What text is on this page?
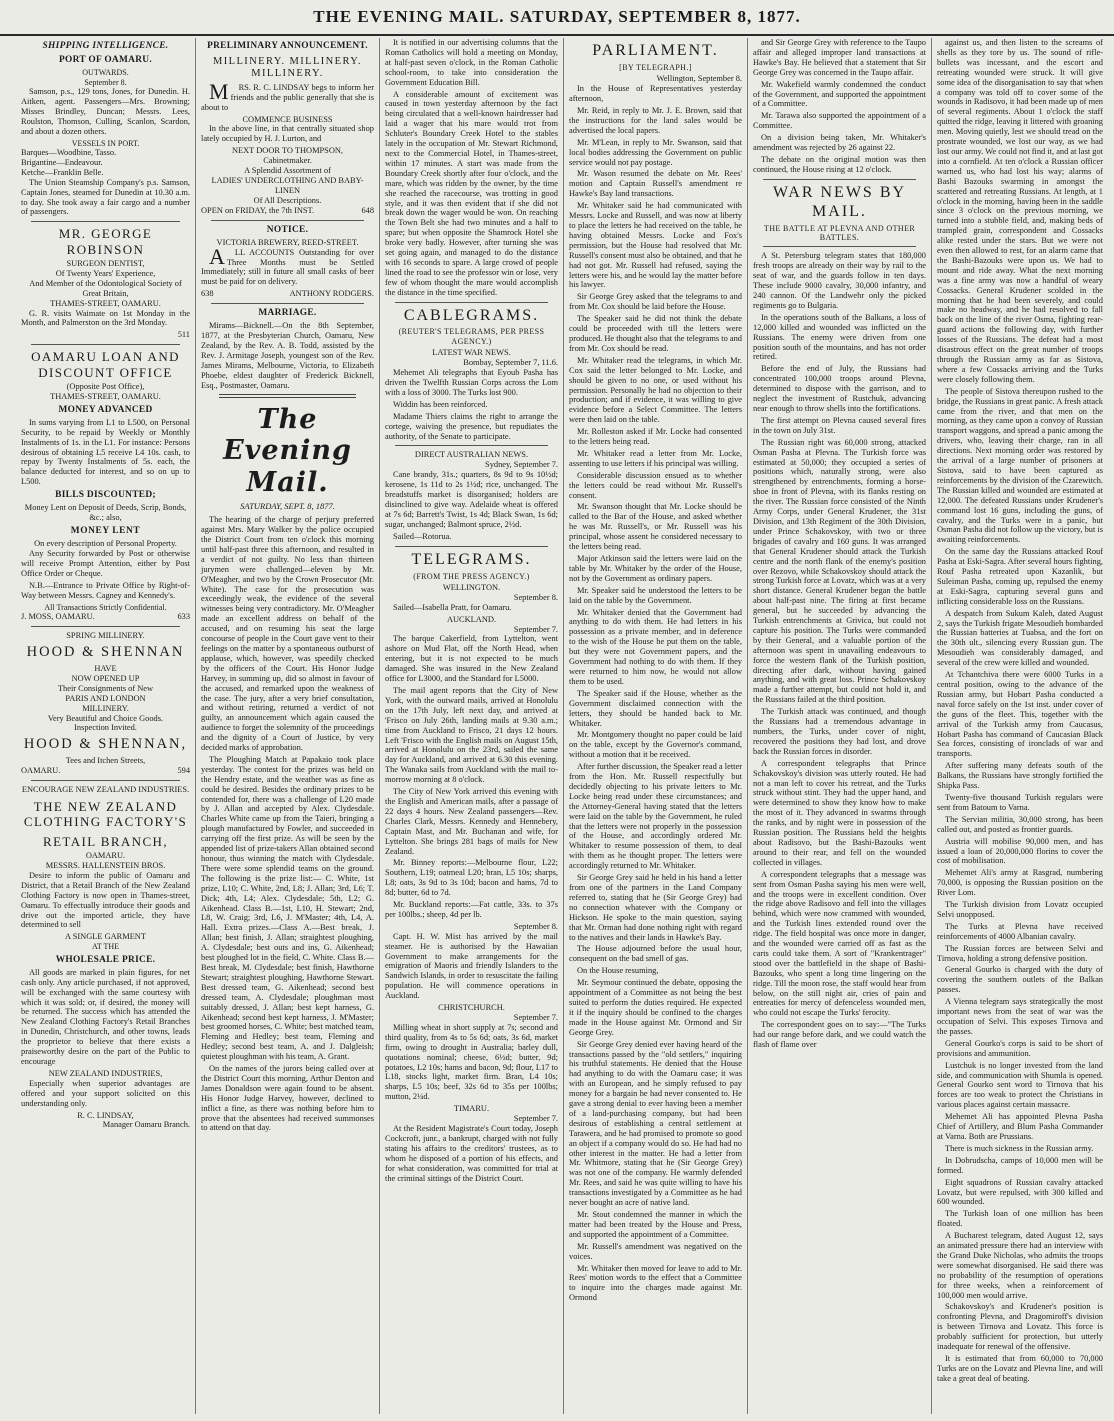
THE EVENING MAIL. SATURDAY, SEPTEMBER 8, 1877.
SHIPPING INTELLIGENCE.
PORT OF OAMARU.
OUTWARDS.
September 8.

Samson, p.s., 129 tons, Jones, for Dunedin. H. Aitken, agent. Passengers—Mrs. Browning; Misses Brindley, Duncan; Messrs. Lees, Roulston, Thomson, Culling, Scanlon, Scardon, and about a dozen others.

VESSELS IN PORT.
Barques—Woodbine, Tasso.
Brigantine—Endeavour.
Ketche—Franklin Belle.

The Union Steamship Company's p.s. Samson, Captain Jones, steamed for Dunedin at 10.30 a.m. to day. She took away a fair cargo and a number of passengers.

MR. GEORGE ROBINSON
SURGEON DENTIST,
Of Twenty Years' Experience,
And Member of the Odontological Society of Great Britain,
THAMES-STREET, OAMARU.

G. R. visits Waimate on 1st Monday in the Month, and Palmerston on the 3rd Monday.

511
OAMARU LOAN AND DISCOUNT OFFICE
(Opposite Post Office),
THAMES-STREET, OAMARU.
MONEY ADVANCED

In sums varying from L1 to L500, on Personal Security, to be repaid by Weekly or Monthly Instalments of 1s. in the L1. For instance: Persons desirous of obtaining L5 receive L4 10s. cash, to repay by Twenty Instalments of 5s. each, the balance deducted for interest, and so on up to L500.

BILLS DISCOUNTED;
Money Lent on Deposit of Deeds, Scrip, Bonds, &c.; also,
MONEY LENT
On every description of Personal Property.

Any Security forwarded by Post or otherwise will receive Prompt Attention, either by Post Office Order or Cheque.

N.B.—Entrance to Private Office by Right-of-Way between Messrs. Cagney and Kennedy's.

All Transactions Strictly Confidential.
J. MOSS, OAMARU.	633
SPRING MILLINERY.
HOOD & SHENNAN
HAVE
NOW OPENED UP
Their Consignments of New
PARIS AND LONDON
MILLINERY.
Very Beautiful and Choice Goods.
Inspection Invited.
HOOD & SHENNAN,
Tees and Itchen Streets,
OAMARU.	594
ENCOURAGE NEW ZEALAND INDUSTRIES.
THE NEW ZEALAND CLOTHING FACTORY'S
RETAIL BRANCH,
OAMARU.
MESSRS. HALLENSTEIN BROS.

Desire to inform the public of Oamaru and District, that a Retail Branch of the New Zealand Clothing Factory is now open in Thames-street, Oamaru. To effectually introduce their goods and drive out the imported article, they have determined to sell

A SINGLE GARMENT
AT THE
WHOLESALE PRICE.

All goods are marked in plain figures, for net cash only. Any article purchased, if not approved, will be exchanged with the same courtesy with which it was sold; or, if desired, the money will be returned. The success which has attended the New Zealand Clothing Factory's Retail Branches in Dunedin, Christchurch, and other towns, leads the proprietor to believe that there exists a praiseworthy desire on the part of the Public to encourage

NEW ZEALAND INDUSTRIES,

Especially when superior advantages are offered and your support solicited on this understanding only.

R. C. LINDSAY,
Manager Oamaru Branch.
PRELIMINARY ANNOUNCEMENT.
MILLINERY. MILLINERY. MILLINERY.

MRS. R. C. LINDSAY begs to inform her friends and the public generally that she is about to

COMMENCE BUSINESS

In the above line, in that centrally situated shop lately occupied by H. J. Lurton, and

NEXT DOOR TO THOMPSON,
Cabinetmaker.
A Splendid Assortment of
LADIES' UNDERCLOTHING AND BABY-LINEN
Of All Descriptions.
OPEN on FRIDAY, the 7th INST.	648
NOTICE.
VICTORIA BREWERY, REED-STREET.

ALL ACCOUNTS Outstanding for over Three Months must be Settled Immediately; still in future all small casks of beer must be paid for on delivery.

638	ANTHONY RODGERS.
MARRIAGE.

Mirams—Bicknell.—On the 8th September, 1877, at the Presbyterian Church, Oamaru, New Zealand, by the Rev. A. B. Todd, assisted by the Rev. J. Armitage Joseph, youngest son of the Rev. James Mirams, Melbourne, Victoria, to Elizabeth Phoebe, eldest daughter of Frederick Bicknell, Esq., Postmaster, Oamaru.

The Evening Mail.
SATURDAY, SEPT. 8, 1877.

The hearing of the charge of perjury preferred against Mrs. Mary Walker by the police occupied the District Court from ten o'clock this morning until half-past three this afternoon, and resulted in a verdict of not guilty. No less than thirteen jurymen were challenged—eleven by Mr. O'Meagher, and two by the Crown Prosecutor (Mr. White). The case for the prosecution was exceedingly weak, the evidence of the several witnesses being very contradictory. Mr. O'Meagher made an excellent address on behalf of the accused, and on resuming his seat the large concourse of people in the Court gave vent to their feelings on the matter by a spontaneous outburst of applause, which, however, was speedily checked by the officers of the Court. His Honor Judge Harvey, in summing up, did so almost in favour of the accused, and remarked upon the weakness of the case. The jury, after a very brief consultation, and without retiring, returned a verdict of not guilty, an announcement which again caused the audience to forget the solemnity of the proceedings and the dignity of a Court of Justice, by very decided marks of approbation.

The Ploughing Match at Papakaio took place yesterday. The contest for the prizes was held on the Hendry estate, and the weather was as fine as could be desired. Besides the ordinary prizes to be contended for, there was a challenge of L20 made by J. Allan and accepted by Alex. Clydesdale. Charles White came up from the Taieri, bringing a plough manufactured by Fowler, and succeeded in carrying off the first prize. As will be seen by the appended list of prize-takers Allan obtained second honour, thus winning the match with Clydesdale. There were some splendid teams on the ground. The following is the prize list:— C. White, 1st prize, L10; C. White, 2nd, L8; J. Allan; 3rd, L6; T. Dick; 4th, L4; Alex. Clydesdale; 5th, L2; G. Aikenhead. Class B.—1st, L10, H. Stewart; 2nd, L8, W. Craig; 3rd, L6, J. M'Master; 4th, L4, A. Hall. Extra prizes.—Class A.—Best break, J. Allan; best finish, J. Allan; straightest ploughing, A. Clydesdale; best outs and ins, G. Aikenhead; best ploughed lot in the field, C. White. Class B.—Best break, M. Clydesdale; best finish, Hawthorne Stewart; straightest ploughing, Hawthorne Stewart. Best dressed team, G. Aikenhead; second best dressed team, A. Clydesdale; ploughman most suitably dressed, J. Allan; best kept harness, G. Aikenhead; second best kept harness, J. M'Master; best groomed horses, C. White; best matched team, Fleming and Hedley; best team, Fleming and Hedley; second best team, A. and J. Dalgleish; quietest ploughman with his team, A. Grant.

On the names of the jurors being called over at the District Court this morning, Arthur Denton and James Donaldson were again found to be absent. His Honor Judge Harvey, however, declined to inflict a fine, as there was nothing before him to prove that the absentees had received summonses to attend on that day.

It is notified in our advertising columns that the Roman Catholics will hold a meeting on Monday, at half-past seven o'clock, in the Roman Catholic school-room, to take into consideration the Government Education Bill.

A considerable amount of excitement was caused in town yesterday afternoon by the fact being circulated that a well-known hairdresser had laid a wager that his mare would trot from Schluter's Boundary Creek Hotel to the stables lately in the occupation of Mr. Stewart Richmond, next to the Commercial Hotel, in Thames-street, within 17 minutes. A start was made from the Boundary Creek shortly after four o'clock, and the mare, which was ridden by the owner, by the time she reached the racecourse, was trotting in good style, and it was then evident that if she did not break down the wager would be won. On reaching the Town Belt she had two minutes and a half to spare; but when opposite the Shamrock Hotel she broke very badly. However, after turning she was set going again, and managed to do the distance with 16 seconds to spare. A large crowd of people lined the road to see the professor win or lose, very few of whom thought the mare would accomplish the distance in the time specified.

CABLEGRAMS.
(REUTER'S TELEGRAMS, PER PRESS AGENCY.)
LATEST WAR NEWS.
Bombay, September 7, 11.6.

Mehemet Ali telegraphs that Eyoub Pasha has driven the Twelfth Russian Corps across the Lom with a loss of 3000. The Turks lost 900.

Widdin has been reinforced.

Madame Thiers claims the right to arrange the cortege, waiving the presence, but repudiates the authority, of the Senate to participate.

DIRECT AUSTRALIAN NEWS.
Sydney, September 7.

Cane brandy, 31s.; quarters, 8s 9d to 9s 10½d; kerosene, 1s 11d to 2s 1½d; rice, unchanged. The breadstuffs market is disorganised; holders are disinclined to give way. Adelaide wheat is offered at 7s 6d; Barrett's Twist, 1s 4d; Black Swan, 1s 6d; sugar, unchanged; Balmont spruce, 2½d.

Sailed—Rotorua.

TELEGRAMS.
(FROM THE PRESS AGENCY.)
WELLINGTON.
September 8.

Sailed—Isabella Pratt, for Oamaru.

AUCKLAND.
September 7.

The barque Cakerfield, from Lyttelton, went ashore on Mud Flat, off the North Head, when entering, but it is not expected to be much damaged. She was insured in the New Zealand office for L3000, and the Standard for L5000.

The mail agent reports that the City of New York, with the outward mails, arrived at Honolulu on the 17th July, left next day, and arrived at 'Frisco on July 26th, landing mails at 9.30 a.m.; time from Auckland to Frisco, 21 days 12 hours. Left 'Frisco with the English mails on August 15th, arrived at Honolulu on the 23rd, sailed the same day for Auckland, and arrived at 6.30 this evening. The Wanaka sails from Auckland with the mail to-morrow morning at 8 o'clock.

The City of New York arrived this evening with the English and American mails, after a passage of 22 days 4 hours. New Zealand passengers—Rev. Charles Clark, Messrs. Kennedy and Hennebery, Captain Mast, and Mr. Buchanan and wife, for Lyttelton. She brings 281 bags of mails for New Zealand.

Mr. Binney reports:—Melbourne flour, L22; Southern, L19; oatmeal L20; bran, L5 10s; sharps, L8; oats, 3s 9d to 3s 10d; bacon and hams, 7d to 8d; butter, 6d to 7d.

Mr. Buckland reports:—Fat cattle, 33s. to 37s per 100lbs.; sheep, 4d per lb.

September 8.

Capt. H. W. Mist has arrived by the mail steamer. He is authorised by the Hawaiian Government to make arrangements for the emigration of Maoris and friendly Islanders to the Sandwich Islands, in order to resuscitate the failing population. He will commence operations in Auckland.

CHRISTCHURCH.
September 7.

Milling wheat in short supply at 7s; second and third quality, from 4s to 5s 6d; oats, 3s 6d, market firm, owing to drought in Australia; barley dull, quotations nominal; cheese, 6½d; butter, 9d; potatoes, L2 10s; hams and bacon, 9d; flour, L17 to L18, stocks light, market firm. Bran, L4 10s; sharps, L5 10s; beef, 32s 6d to 35s per 100lbs; mutton, 2¼d.

TIMARU.
September 7.

At the Resident Magistrate's Court today, Joseph Cockcroft, junr., a bankrupt, charged with not fully stating his affairs to the creditors' trustees, as to whom he disposed of a portion of his effects, and for what consideration, was committed for trial at the criminal sittings of the District Court.

PARLIAMENT.
[BY TELEGRAPH.]
Wellington, September 8.

In the House of Representatives yesterday afternoon,

Mr. Reid, in reply to Mr. J. E. Brown, said that the instructions for the land sales would be advertised the local papers.

Mr. M'Lean, in reply to Mr. Swanson, said that local bodies addressing the Government on public service would not pay postage.

Mr. Wason resumed the debate on Mr. Rees' motion and Captain Russell's amendment re Hawke's Bay land transactions.

Mr. Whitaker said he had communicated with Messrs. Locke and Russell, and was now at liberty to place the letters he had received on the table, he having obtained Messrs. Locke and Fox's permission, but the House had resolved that Mr. Russell's consent must also be obtained, and that he had not got. Mr. Russell had refused, saying the letters were his, and he would lay the matter before his lawyer.

Sir George Grey asked that the telegrams to and from Mr. Cox should be laid before the House.

The Speaker said he did not think the debate could be proceeded with till the letters were produced. He thought also that the telegrams to and from Mr. Cox should be read.

Mr. Whitaker read the telegrams, in which Mr. Cox said the letter belonged to Mr. Locke, and should be given to no one, or used without his permission. Personally he had no objection to their production; and if evidence, it was willing to give evidence before a Select Committee. The letters were then laid on the table.

Mr. Rolleston asked if Mr. Locke had consented to the letters being read.

Mr. Whitaker read a letter from Mr. Locke, assenting to use letters if his principal was willing.

Considerable discussion ensued as to whether the letters could be read without Mr. Russell's consent.

Mr. Swanson thought that Mr. Locke should be called to the Bar of the House, and asked whether he was Mr. Russell's, or Mr. Russell was his principal, whose assent he considered necessary to the letters being read.

Major Atkinson said the letters were laid on the table by Mr. Whitaker by the order of the House, not by the Government as ordinary papers.

Mr. Speaker said he understood the letters to be laid on the table by the Government.

Mr. Whitaker denied that the Government had anything to do with them. He had letters in his possession as a private member, and in deference to the wish of the House he put them on the table, but they were not Government papers, and the Government had nothing to do with them. If they were returned to him now, he would not allow them to be used.

The Speaker said if the House, whether as the Government disclaimed connection with the letters, they should be handed back to Mr. Whitaker.

Mr. Montgomery thought no paper could be laid on the table, except by the Governor's command, without a motion that it be received.

After further discussion, the Speaker read a letter from the Hon. Mr. Russell respectfully but decidedly objecting to his private letters to Mr. Locke being read under these circumstances; and the Attorney-General having stated that the letters were laid on the table by the Government, he ruled that the letters were not properly in the possession of the House, and accordingly ordered Mr. Whitaker to resume possession of them, to deal with them as he thought proper. The letters were accordingly returned to Mr. Whitaker.

Sir George Grey said he held in his hand a letter from one of the partners in the Land Company referred to, stating that he (Sir George Grey) had no connection whatever with the Company or Hickson. He spoke to the main question, saying that Mr. Orman had done nothing right with regard to the natives and their lands in Hawke's Bay.

The House adjourned before the usual hour, consequent on the bad smell of gas.

On the House resuming,

Mr. Seymour continued the debate, opposing the appointment of a Committee as not being the best suited to perform the duties required. He expected it if the inquiry should be confined to the charges made in the House against Mr. Ormond and Sir George Grey.

Sir George Grey denied ever having heard of the transactions passed by the "old settlers," inquiring his truthful statements. He denied that the House had anything to do with the Oamaru case; it was with an European, and he simply refused to pay money for a bargain he had never consented to. He gave a strong denial to ever having been a member of a land-purchasing company, but had been desirous of establishing a central settlement at Tarawera, and he had promised to promote so good an object if a company would do so. He had had no other interest in the matter. He had a letter from Mr. Whitmore, stating that he (Sir George Grey) was not one of the company. He warmly defended Mr. Rees, and said he was quite willing to have his transactions investigated by a Committee as he had never bought an acre of native land.

Mr. Stout condemned the manner in which the matter had been treated by the House and Press, and supported the appointment of a Committee.

Mr. Russell's amendment was negatived on the voices.

Mr. Whitaker then moved for leave to add to Mr. Rees' motion words to the effect that a Committee to inquire into the charges made against Mr. Ormond

and Sir George Grey with reference to the Taupo affair and alleged improper land transactions at Hawke's Bay. He believed that a statement that Sir George Grey was concerned in the Taupo affair.

Mr. Wakefield warmly condemned the conduct of the Government, and supported the appointment of a Committee.

Mr. Tarawa also supported the appointment of a Committee.

On a division being taken, Mr. Whitaker's amendment was rejected by 26 against 22.

The debate on the original motion was then continued, the House rising at 12 o'clock.

WAR NEWS BY MAIL.
THE BATTLE AT PLEVNA AND OTHER BATTLES.

A St. Petersburg telegram states that 180,000 fresh troops are already on their way by rail to the seat of war, and the guards follow in ten days. These include 9000 cavalry, 30,000 infantry, and 240 cannon. Of the Landwehr only the picked regiments go to Bulgaria.

In the operations south of the Balkans, a loss of 12,000 killed and wounded was inflicted on the Russians. The enemy were driven from one position south of the mountains, and has not order retired.

Before the end of July, the Russians had concentrated 100,000 troops around Plevna, determined to dispose with the garrison, and to neglect the investment of Rustchuk, advancing near enough to throw shells into the fortifications.

The first attempt on Plevna caused several fires in the town on July 31st.

The Russian right was 60,000 strong, attacked Osman Pasha at Plevna. The Turkish force was estimated at 50,000; they occupied a series of positions which, naturally strong, were also strengthened by entrenchments, forming a horse-shoe in front of Plevna, with its flanks resting on the river. The Russian force consisted of the Ninth Army Corps, under General Krudener, the 31st Division, and 13th Regiment of the 30th Division, under Prince Schakovskoy, with two or three brigades of cavalry and 160 guns. It was arranged that General Krudener should attack the Turkish centre and the north flank of the enemy's position over Rezovo, while Schakovskoy should attack the strong Turkish force at Lovatz, which was at a very short distance. General Krudener began the battle about half-past nine. The firing at first became general, but he succeeded by advancing the Turkish entrenchments at Grivica, but could not capture his position. The Turks were commanded by their General, and a valuable portion of the afternoon was spent in unavailing endeavours to force the western flank of the Turkish position, directing after dark, without having gained anything, and with great loss. Prince Schakovskoy made a further attempt, but could not hold it, and the Russians failed at the third position.

The Turkish attack was continued, and though the Russians had a tremendous advantage in numbers, the Turks, under cover of night, recovered the positions they had lost, and drove back the Russian forces in disorder.

A correspondent telegraphs that Prince Schakovskoy's division was utterly routed. He had not a man left to cover his retreat, and the Turks struck without stint. They had the upper hand, and were determined to show they know how to make the most of it. They advanced in swarms through the ranks, and by night were in possession of the Russian position. The Russians held the heights about Radisovo, but the Bashi-Bazouks went around to their rear, and fell on the wounded collected in villages.

A correspondent telegraphs that a message was sent from Osman Pasha saying his men were well, and the troops were in excellent condition. Over the ridge above Radisovo and fell into the villages behind, which were now crammed with wounded, and the Turkish lines extended round over the ridge. The field hospital was once more in danger, and the wounded were carried off as fast as the carts could take them. A sort of "Krankentrager" stood over the battlefield in the shape of Bashi-Bazouks, who spent a long time lingering on the ridge. Till the moon rose, the staff would hear from below, on the still night air, cries of pain and entreaties for mercy of defenceless wounded men, who could not escape the Turks' ferocity.

The correspondent goes on to say:—"The Turks had our range before dark, and we could watch the flash of flame over

against us, and then listen to the screams of shells as they tore by us. The sound of rifle-bullets was incessant, and the escort and retreating wounded were struck. It will give some idea of the disorganisation to say that when a company was told off to cover some of the wounds in Radisovo, it had been made up of men of several regiments. About 1 o'clock the staff quitted the ridge, leaving it littered with groaning men. Moving quietly, lest we should tread on the prostrate wounded, we lost our way, as we had lost our army. We could not find it, and at last got into a cornfield. At ten o'clock a Russian officer warned us, who had lost his way; alarms of Bashi Bazouks swarming in amongst the scattered and retreating Russians. At length, at 1 o'clock in the morning, having been in the saddle since 3 o'clock on the previous morning, we turned into a stubble field, and, making beds of trampled grain, correspondent and Cossacks alike rested under the stars. But we were not even then allowed to rest, for an alarm came that the Bashi-Bazouks were upon us. We had to mount and ride away. What the next morning was a fine army was now a handful of weary Cossacks. General Krudener scolded in the morning that he had been severely, and could make no headway, and he had resolved to fall back on the line of the river Osma, fighting rear-guard actions the following day, with further losses of the Russians. The defeat had a most disastrous effect on the great number of troops through the Russian army as far as Sistova, where a few Cossacks arriving and the Turks were closely following them.

The people of Sistova thereupon rushed to the bridge, the Russians in great panic. A fresh attack came from the river, and that men on the morning, as they came upon a convoy of Russian transport waggons, and spread a panic among the drivers, who, leaving their charge, ran in all directions. Next morning order was restored by the arrival of a large number of prisoners at Sistova, said to have been captured as reinforcements by the division of the Czarewitch. The Russian killed and wounded are estimated at 12,000. The defeated Russians under Krudener's command lost 16 guns, including the guns, of cavalry, and the Turks were in a panic, but Osman Pasha did not follow up the victory, but is awaiting reinforcements.

On the same day the Russians attacked Rouf Pasha at Eski-Sagra. After several hours fighting, Rouf Pasha retreated upon Kazanlik, but Suleiman Pasha, coming up, repulsed the enemy at Eski-Sagra, capturing several guns and inflicting considerable loss on the Russians.

A despatch from Sukum Kaleh, dated August 2, says the Turkish frigate Mesoudieh bombarded the Russian batteries at Tuabsa, and the fort on the 30th ult., silencing every Russian gun. The Mesoudieh was considerably damaged, and several of the crew were killed and wounded.

At Tchantchiva there were 6000 Turks in a central position, owing to the advance of the Russian army, but Hobart Pasha conducted a naval force safely on the 1st inst. under cover of the guns of the fleet. This, together with the arrival of the Turkish army from Caucasus, Hobart Pasha has command of Caucasian Black Sea forces, consisting of ironclads of war and transports.

After suffering many defeats south of the Balkans, the Russians have strongly fortified the Shipka Pass.

Twenty-five thousand Turkish regulars were sent from Batoum to Varna.

The Servian militia, 30,000 strong, has been called out, and posted as frontier guards.

Austria will mobilise 90,000 men, and has issued a loan of 20,000,000 florins to cover the cost of mobilisation.

Mehemet Ali's army at Rasgrad, numbering 70,000, is opposing the Russian position on the River Lom.

The Turkish division from Lovatz occupied Selvi unopposed.

The Turks at Plevna have received reinforcements of 4000 Albanian cavalry.

The Russian forces are between Selvi and Tirnova, holding a strong defensive position.

General Gourko is charged with the duty of covering the southern outlets of the Balkan passes.

A Vienna telegram says strategically the most important news from the seat of war was the occupation of Selvi. This exposes Tirnova and the passes.

General Gourko's corps is said to be short of provisions and ammunition.

Lustchuk is no longer invested from the land side, and communication with Shumla is opened. General Gourko sent word to Tirnova that his forces are too weak to protect the Christians in various places against certain massacre.

Mehemet Ali has appointed Plevna Pasha Chief of Artillery, and Blum Pasha Commander at Varna. Both are Prussians.

There is much sickness in the Russian army.

In Dobrudscha, camps of 10,000 men will be formed.

Eight squadrons of Russian cavalry attacked Lovatz, but were repulsed, with 300 killed and 600 wounded.

The Turkish loan of one million has been floated.

A Bucharest telegram, dated August 12, says an animated pressure there had an interview with the Grand Duke Nicholas, who admits the troops were somewhat disorganised. He said there was no probability of the resumption of operations for three weeks, when a reinforcement of 100,000 men would arrive.

Schakovskoy's and Krudener's position is confronting Plevna, and Dragomiroff's division is between Tirnova and Lovatz. This force is probably sufficient for protection, but utterly inadequate for renewal of the offensive.

It is estimated that from 60,000 to 70,000 Turks are on the Lovatz and Plevna line, and will take a great deal of beating.
